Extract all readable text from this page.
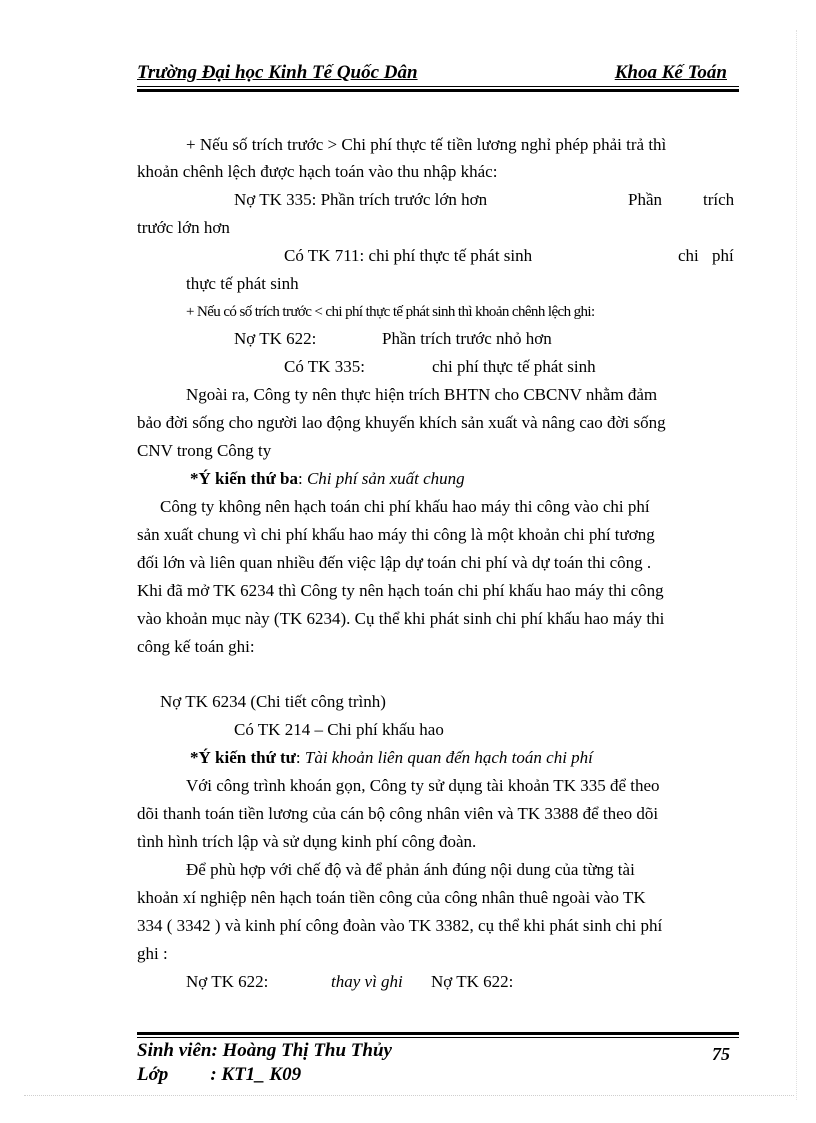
Trường Đại học Kinh Tế Quốc Dân	Khoa Kế Toán
+ Nếu số trích trước > Chi phí thực tế tiền lương nghỉ phép phải trả thì
khoản chênh lệch được hạch toán vào thu nhập khác:
Nợ TK 335: Phần trích trước lớn hơn	Phần trích
trước lớn hơn
Có TK 711: chi phí thực tế phát sinh	chi phí
thực tế phát sinh
+ Nếu có số trích trước < chi phí thực tế phát sinh thì khoản chênh lệch ghi:
Nợ TK 622:	Phần trích trước nhỏ hơn
Có TK 335:	chi phí thực tế phát sinh
Ngoài ra, Công ty nên thực hiện trích BHTN cho CBCNV nhằm đảm
bảo đời sống cho người lao động khuyến khích sản xuất và nâng cao đời sống
CNV trong Công ty
*Ý kiến thứ ba: Chi phí sản xuất chung
Công ty không nên hạch toán chi phí khấu hao máy thi công vào chi phí
sản xuất chung vì chi phí khấu hao máy thi công là một khoản chi phí tương
đối lớn và liên quan nhiều đến việc lập dự toán chi phí và dự toán thi công .
Khi đã mở TK 6234 thì Công ty nên hạch toán chi phí khấu hao máy thi công
vào khoản mục này (TK 6234). Cụ thể khi phát sinh chi phí khấu hao máy thi
công kế toán ghi:
Nợ TK 6234 (Chi tiết công trình)
Có TK 214 – Chi phí khấu hao
*Ý kiến thứ tư: Tài khoản liên quan đến hạch toán chi phí
Với công trình khoán gọn, Công ty sử dụng tài khoản TK 335 để theo
dõi thanh toán tiền lương của cán bộ công nhân viên và TK 3388 để theo dõi
tình hình trích lập và sử dụng kinh phí công đoàn.
Để phù hợp với chế độ và để phản ánh đúng nội dung của từng tài
khoản xí nghiệp nên hạch toán tiền công của công nhân thuê ngoài vào TK
334 ( 3342 ) và kinh phí công đoàn vào TK 3382, cụ thể khi phát sinh chi phí
ghi :
Nợ TK 622:	thay vì ghi Nợ TK 622:
Sinh viên: Hoàng Thị Thu Thủy
Lớp : KT1_ K09
75
